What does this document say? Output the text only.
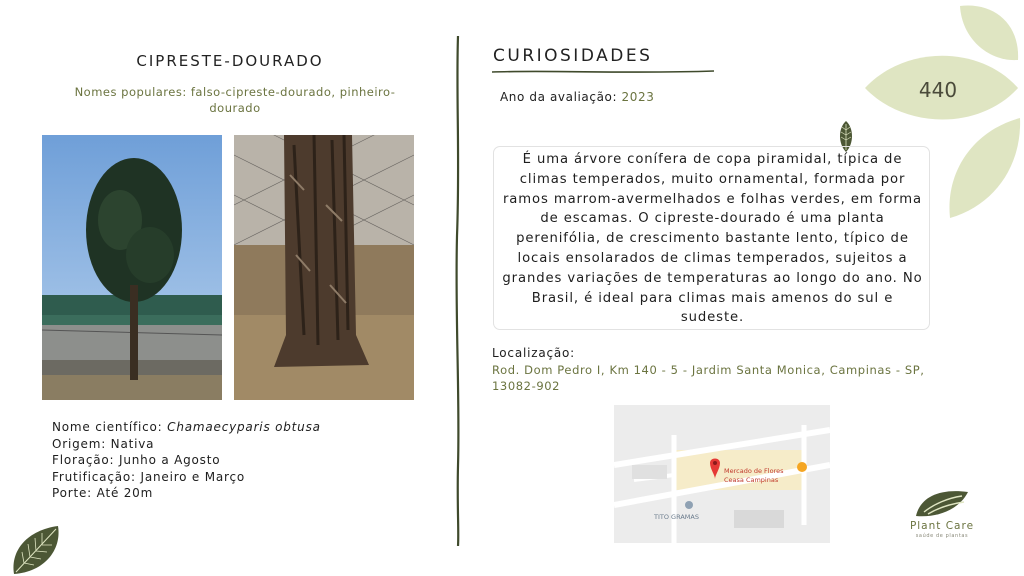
440
CIPRESTE-DOURADO
Nomes populares: falso-cipreste-dourado, pinheiro-dourado
Nome científico: Chamaecyparis obtusa
Origem: Nativa
Floração: Junho a Agosto
Frutificação: Janeiro e Março
Porte: Até 20m
CURIOSIDADES
Ano da avaliação: 2023
É uma árvore conífera de copa piramidal, típica de climas temperados, muito ornamental, formada por ramos marrom-avermelhados e folhas verdes, em forma de escamas. O cipreste-dourado é uma planta perenifólia, de crescimento bastante lento, típico de locais ensolarados de climas temperados, sujeitos a grandes variações de temperaturas ao longo do ano. No Brasil, é ideal para climas mais amenos do sul e sudeste.
Localização:
Rod. Dom Pedro I, Km 140 - 5 - Jardim Santa Monica, Campinas - SP, 13082-902
Mercado de Flores
Ceasa Campinas
TITO GRAMAS
Plant Care
saúde de plantas
